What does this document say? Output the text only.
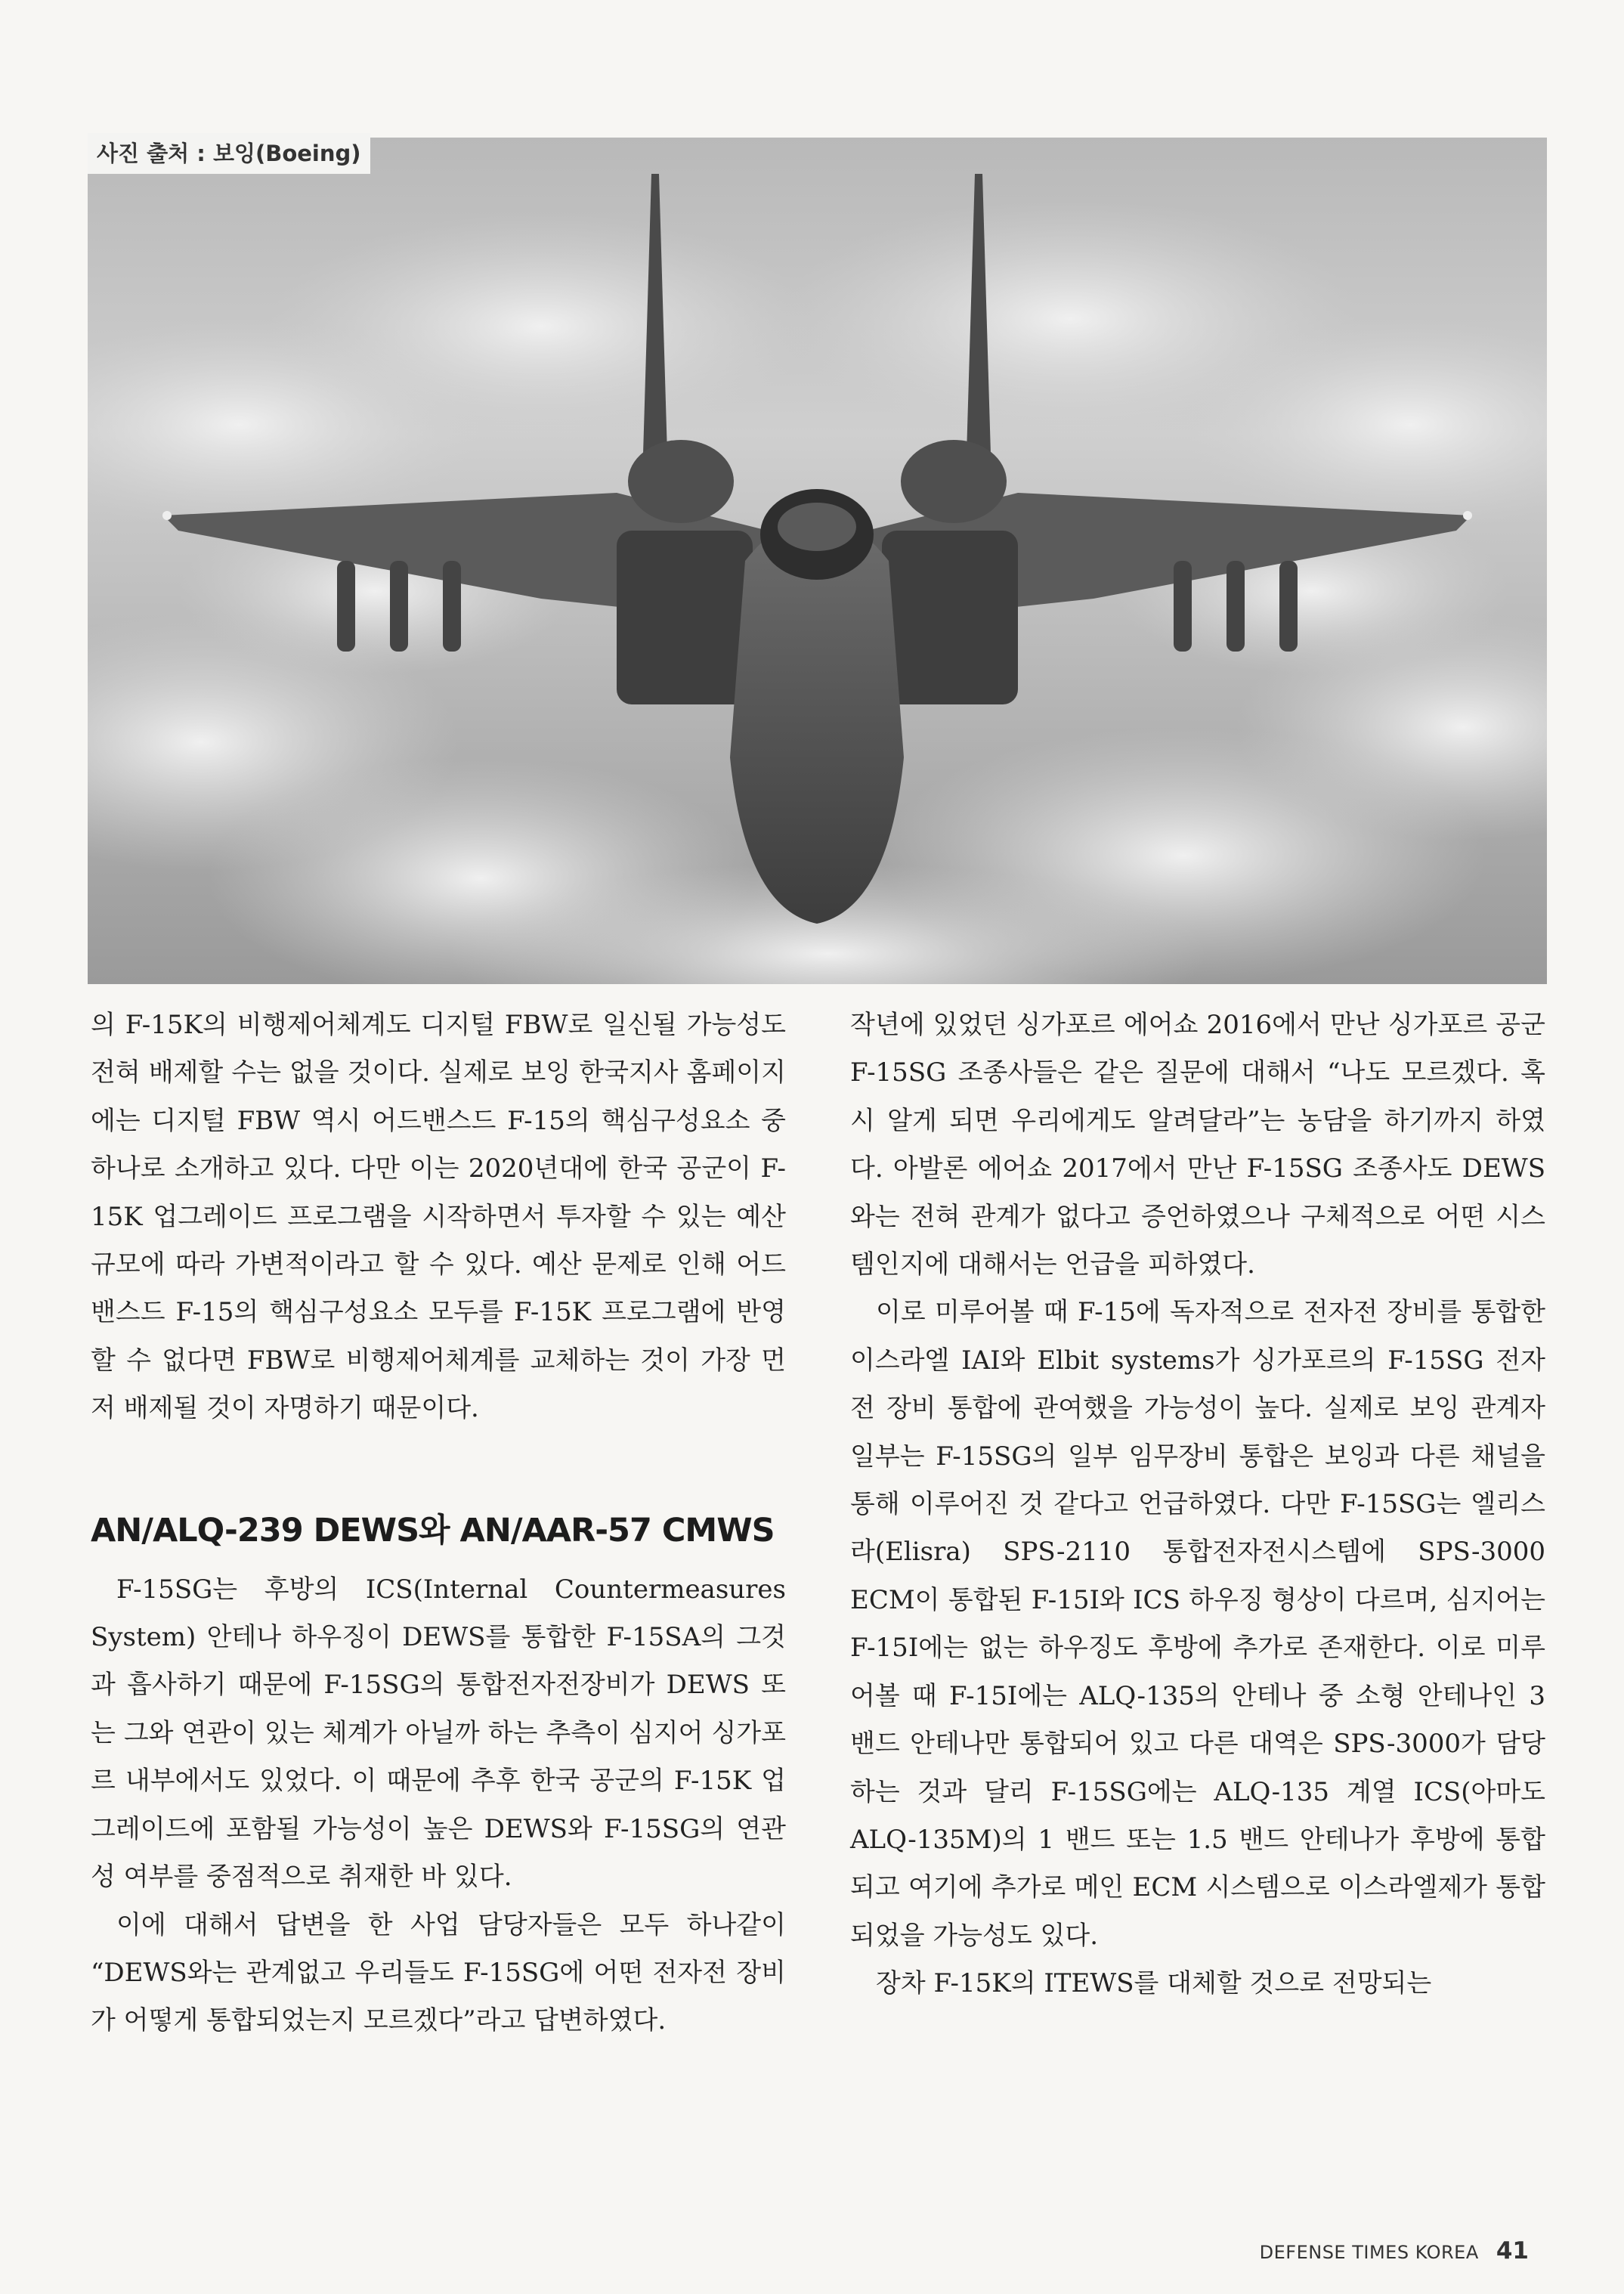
사진 출처 : 보잉(Boeing)

의 F-15K의 비행제어체계도 디지털 FBW로 일신될 가능성도 전혀 배제할 수는 없을 것이다. 실제로 보잉 한국지사 홈페이지에는 디지털 FBW 역시 어드밴스드 F-15의 핵심구성요소 중 하나로 소개하고 있다. 다만 이는 2020년대에 한국 공군이 F-15K 업그레이드 프로그램을 시작하면서 투자할 수 있는 예산 규모에 따라 가변적이라고 할 수 있다. 예산 문제로 인해 어드밴스드 F-15의 핵심구성요소 모두를 F-15K 프로그램에 반영할 수 없다면 FBW로 비행제어체계를 교체하는 것이 가장 먼저 배제될 것이 자명하기 때문이다.

AN/ALQ-239 DEWS와 AN/AAR-57 CMWS

F-15SG는 후방의 ICS(Internal Countermeasures System) 안테나 하우징이 DEWS를 통합한 F-15SA의 그것과 흡사하기 때문에 F-15SG의 통합전자전장비가 DEWS 또는 그와 연관이 있는 체계가 아닐까 하는 추측이 심지어 싱가포르 내부에서도 있었다. 이 때문에 추후 한국 공군의 F-15K 업그레이드에 포함될 가능성이 높은 DEWS와 F-15SG의 연관성 여부를 중점적으로 취재한 바 있다.

이에 대해서 답변을 한 사업 담당자들은 모두 하나같이 “DEWS와는 관계없고 우리들도 F-15SG에 어떤 전자전 장비가 어떻게 통합되었는지 모르겠다”라고 답변하였다.

작년에 있었던 싱가포르 에어쇼 2016에서 만난 싱가포르 공군 F-15SG 조종사들은 같은 질문에 대해서 “나도 모르겠다. 혹시 알게 되면 우리에게도 알려달라”는 농담을 하기까지 하였다. 아발론 에어쇼 2017에서 만난 F-15SG 조종사도 DEWS와는 전혀 관계가 없다고 증언하였으나 구체적으로 어떤 시스템인지에 대해서는 언급을 피하였다.

이로 미루어볼 때 F-15에 독자적으로 전자전 장비를 통합한 이스라엘 IAI와 Elbit systems가 싱가포르의 F-15SG 전자전 장비 통합에 관여했을 가능성이 높다. 실제로 보잉 관계자 일부는 F-15SG의 일부 임무장비 통합은 보잉과 다른 채널을 통해 이루어진 것 같다고 언급하였다. 다만 F-15SG는 엘리스라(Elisra) SPS-2110 통합전자전시스템에 SPS-3000 ECM이 통합된 F-15I와 ICS 하우징 형상이 다르며, 심지어는 F-15I에는 없는 하우징도 후방에 추가로 존재한다. 이로 미루어볼 때 F-15I에는 ALQ-135의 안테나 중 소형 안테나인 3 밴드 안테나만 통합되어 있고 다른 대역은 SPS-3000가 담당하는 것과 달리 F-15SG에는 ALQ-135 계열 ICS(아마도 ALQ-135M)의 1 밴드 또는 1.5 밴드 안테나가 후방에 통합되고 여기에 추가로 메인 ECM 시스템으로 이스라엘제가 통합되었을 가능성도 있다.

장차 F-15K의 ITEWS를 대체할 것으로 전망되는

DEFENSE TIMES KOREA 41
